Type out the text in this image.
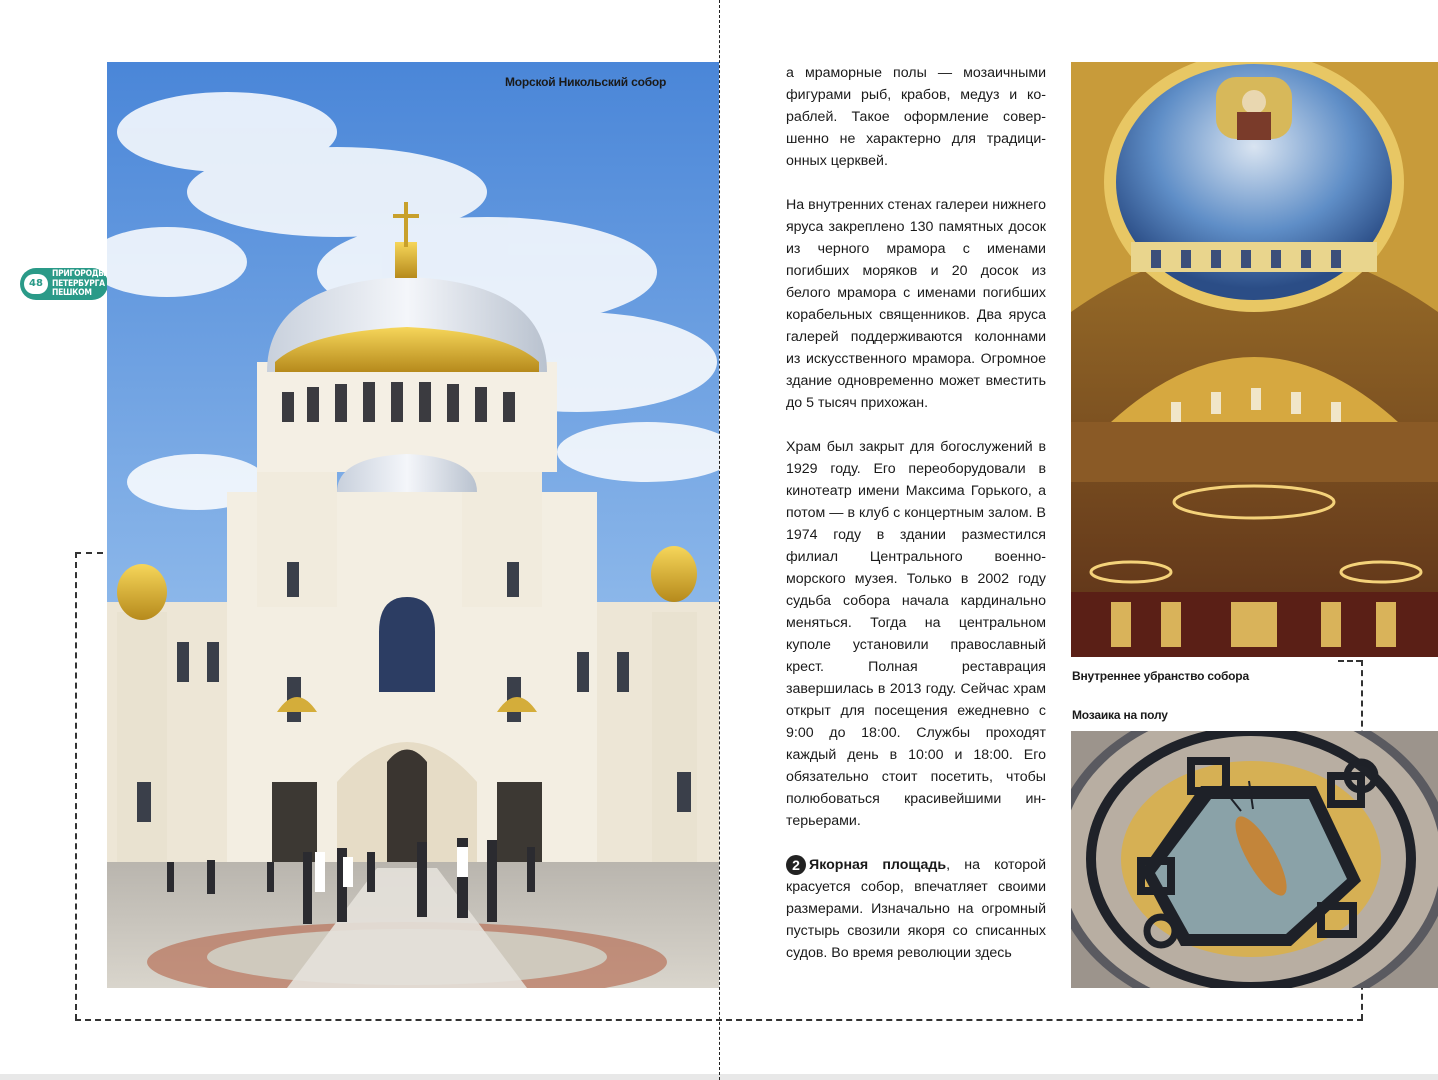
48
ПРИГОРОДЫ ПЕТЕРБУРГА ПЕШКОМ
Морской Никольский собор
Внутреннее убранство собора
Мозаика на полу

а мраморные полы — мозаичными фигурами рыб, крабов, медуз и кораблей. Такое оформление совершенно не характерно для традиционных церквей.

На внутренних стенах галереи нижнего яруса закреплено 130 памятных досок из черного мрамора с именами погибших моряков и 20 досок из белого мрамора с именами погибших корабельных священников. Два яруса галерей поддерживаются колоннами из искусственного мрамора. Огромное здание одновременно может вместить до 5 тысяч прихожан.

Храм был закрыт для богослужений в 1929 году. Его переоборудовали в кинотеатр имени Максима Горького, а потом — в клуб с концертным залом. В 1974 году в здании разместился филиал Центрального военно-морского музея. Только в 2002 году судьба собора начала кардинально меняться. Тогда на центральном куполе установили православный крест. Полная реставрация завершилась в 2013 году. Сейчас храм открыт для посещения ежедневно с 9:00 до 18:00. Службы проходят каждый день в 10:00 и 18:00. Его обязательно стоит посетить, чтобы полюбоваться красивейшими интерьерами.

2 Якорная площадь, на которой красуется собор, впечатляет своими размерами. Изначально на огромный пустырь свозили якоря со списанных судов. Во время революции здесь
